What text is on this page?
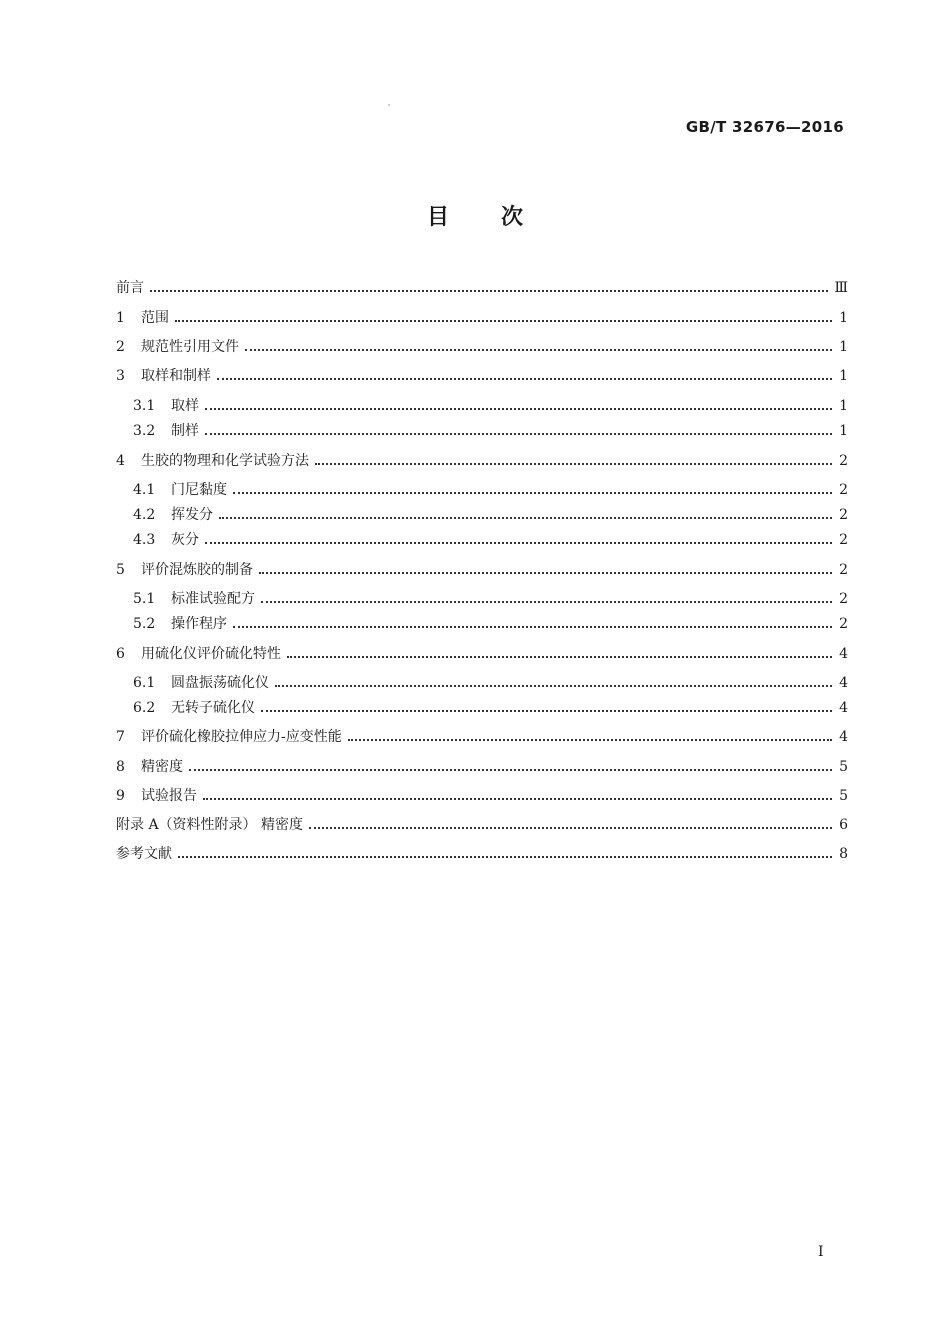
GB/T 32676—2016
目 次
前言	Ⅲ
1	范围	1
2	规范性引用文件	1
3	取样和制样	1
3.1	取样	1
3.2	制样	1
4	生胶的物理和化学试验方法	2
4.1	门尼黏度	2
4.2	挥发分	2
4.3	灰分	2
5	评价混炼胶的制备	2
5.1	标准试验配方	2
5.2	操作程序	2
6	用硫化仪评价硫化特性	4
6.1	圆盘振荡硫化仪	4
6.2	无转子硫化仪	4
7	评价硫化橡胶拉伸应力-应变性能	4
8	精密度	5
9	试验报告	5
附录 A（资料性附录） 精密度	6
参考文献	8
I
